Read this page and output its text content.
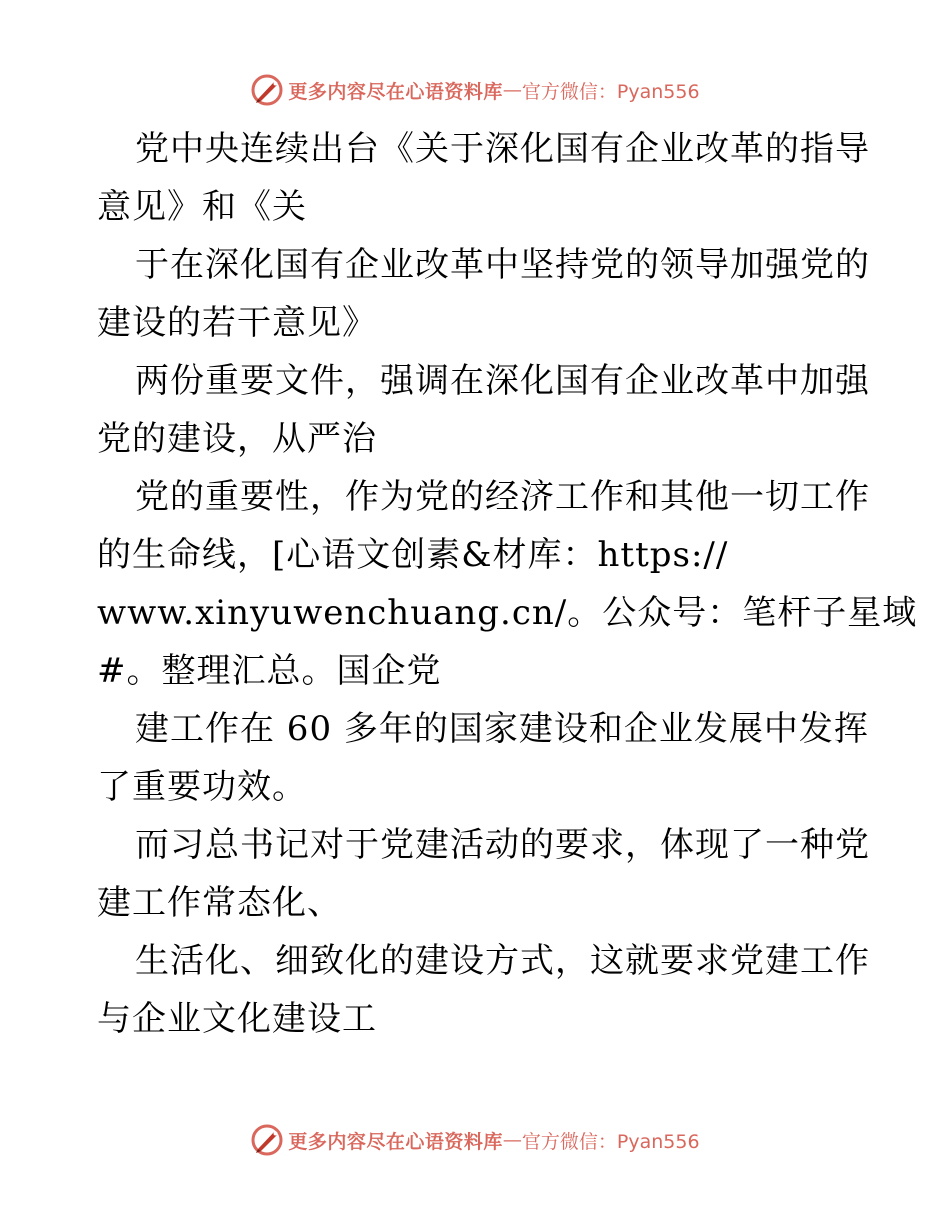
更多内容尽在心语资料库 — 官方微信：Pyan556
党中央连续出台《关于深化国有企业改革的指导
意见》和《关
于在深化国有企业改革中坚持党的领导加强党的
建设的若干意见》
两份重要文件，强调在深化国有企业改革中加强
党的建设，从严治
党的重要性，作为党的经济工作和其他一切工作
的生命线，[心语文创素&材库：https://
www.xinyuwenchuang.cn/。公众号：笔杆子星域
#。整理汇总。国企党
建工作在 60 多年的国家建设和企业发展中发挥
了重要功效。
而习总书记对于党建活动的要求，体现了一种党
建工作常态化、
生活化、细致化的建设方式，这就要求党建工作
与企业文化建设工
更多内容尽在心语资料库 — 官方微信：Pyan556
